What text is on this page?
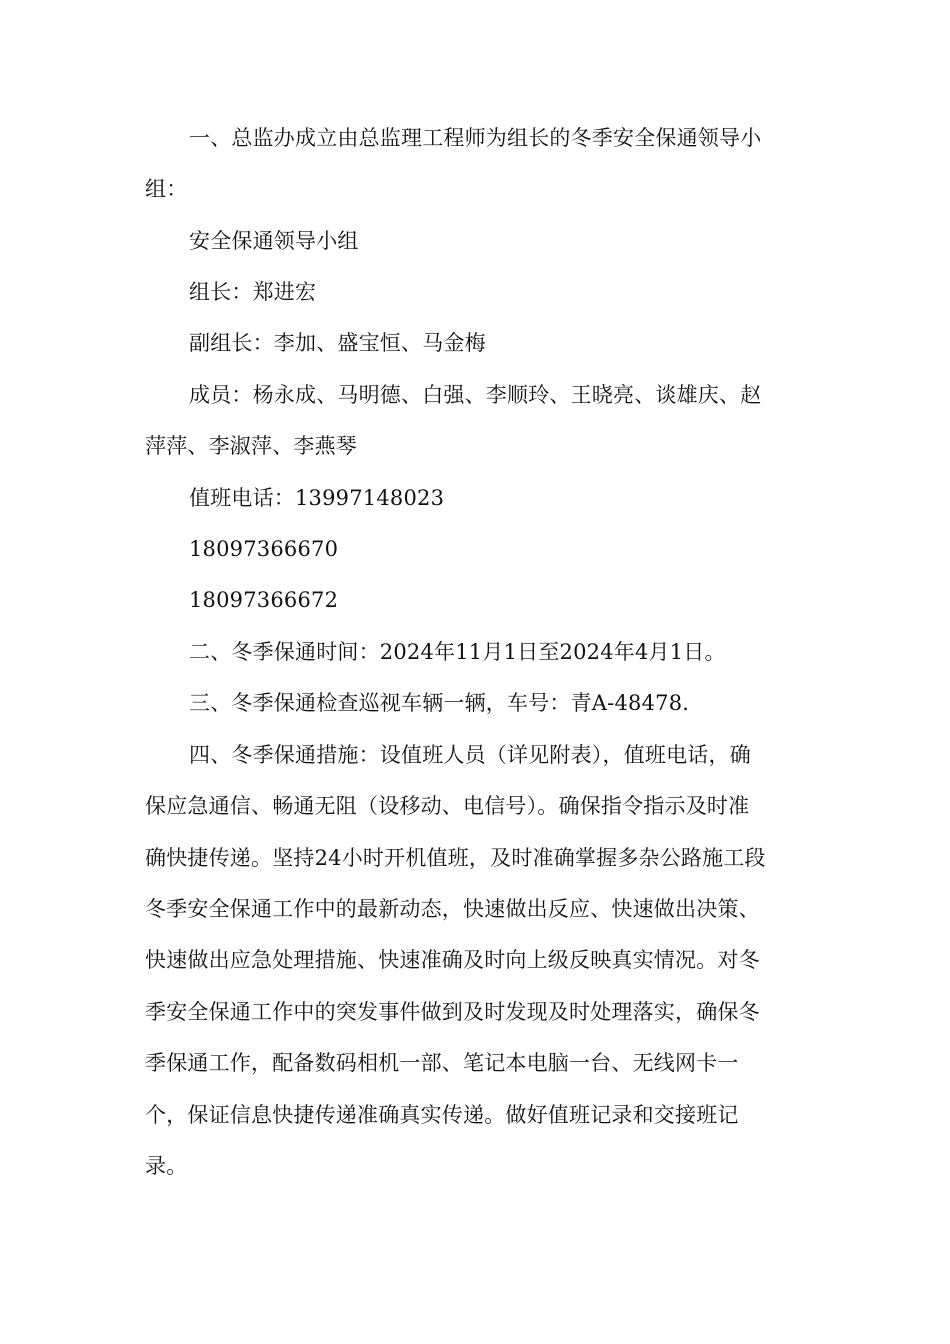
一、总监办成立由总监理工程师为组长的冬季安全保通领导小
组：
安全保通领导小组
组长：郑进宏
副组长：李加、盛宝恒、马金梅
成员：杨永成、马明德、白强、李顺玲、王晓亮、谈雄庆、赵
萍萍、李淑萍、李燕琴
值班电话：13997148023
18097366670
18097366672
二、冬季保通时间：2024年11月1日至2024年4月1日。
三、冬季保通检查巡视车辆一辆，车号：青A-48478.
四、冬季保通措施：设值班人员（详见附表），值班电话，确
保应急通信、畅通无阻（设移动、电信号）。确保指令指示及时准
确快捷传递。坚持24小时开机值班，及时准确掌握多杂公路施工段
冬季安全保通工作中的最新动态，快速做出反应、快速做出决策、
快速做出应急处理措施、快速准确及时向上级反映真实情况。对冬
季安全保通工作中的突发事件做到及时发现及时处理落实，确保冬
季保通工作，配备数码相机一部、笔记本电脑一台、无线网卡一
个，保证信息快捷传递准确真实传递。做好值班记录和交接班记
录。
